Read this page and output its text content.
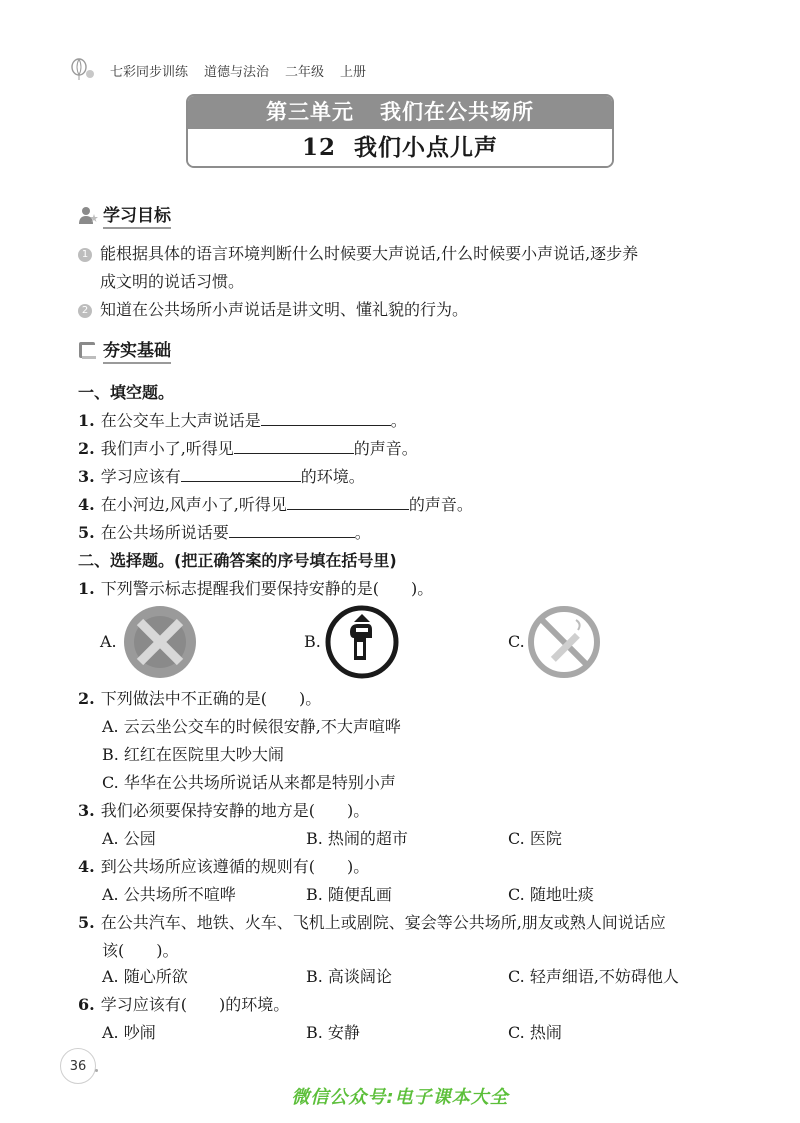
七彩同步训练 道德与法治 二年级 上册
第三单元 我们在公共场所
12 我们小点儿声
学习目标
1 能根据具体的语言环境判断什么时候要大声说话,什么时候要小声说话,逐步养
成文明的说话习惯。
2 知道在公共场所小声说话是讲文明、懂礼貌的行为。
夯实基础
一、填空题。
1. 在公交车上大声说话是	。
2. 我们声小了,听得见	的声音。
3. 学习应该有	的环境。
4. 在小河边,风声小了,听得见	的声音。
5. 在公共场所说话要	。
二、选择题。(把正确答案的序号填在括号里)
1. 下列警示标志提醒我们要保持安静的是(　　)。
A.	B.	C.
2. 下列做法中不正确的是(　　)。
A. 云云坐公交车的时候很安静,不大声喧哗
B. 红红在医院里大吵大闹
C. 华华在公共场所说话从来都是特别小声
3. 我们必须要保持安静的地方是(　　)。
A. 公园	B. 热闹的超市	C. 医院
4. 到公共场所应该遵循的规则有(　　)。
A. 公共场所不喧哗	B. 随便乱画	C. 随地吐痰
5. 在公共汽车、地铁、火车、飞机上或剧院、宴会等公共场所,朋友或熟人间说话应
该(　　)。
A. 随心所欲	B. 高谈阔论	C. 轻声细语,不妨碍他人
6. 学习应该有(　　)的环境。
A. 吵闹	B. 安静	C. 热闹
36
微信公众号:电子课本大全
